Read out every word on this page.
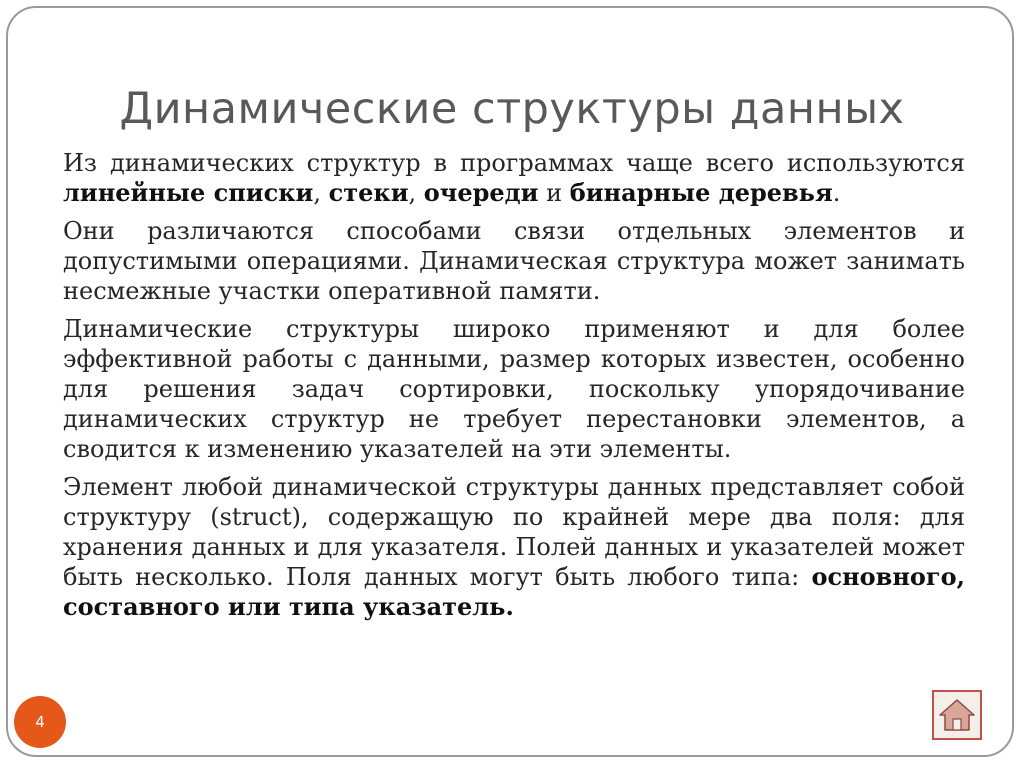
Динамические структуры данных

Из динамических структур в программах чаще всего используются линейные списки, стеки, очереди и бинарные деревья.

Они различаются способами связи отдельных элементов и допустимыми операциями. Динамическая структура может занимать несмежные участки оперативной памяти.

Динамические структуры широко применяют и для более эффективной работы с данными, размер которых известен, особенно для решения задач сортировки, поскольку упорядочивание динамических структур не требует перестановки элементов, а сводится к изменению указателей на эти элементы.

Элемент любой динамической структуры данных представляет собой структуру (struct), содержащую по крайней мере два поля: для хранения данных и для указателя. Полей данных и указателей может быть несколько. Поля данных могут быть любого типа: основного, составного или типа указатель.

4
